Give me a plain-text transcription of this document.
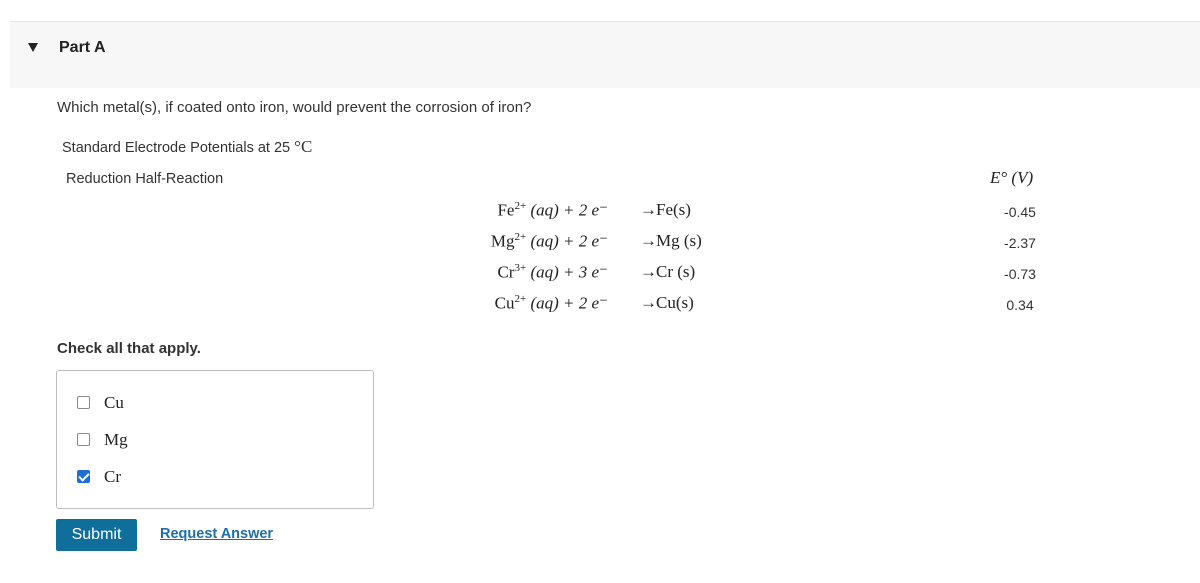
Part A
Which metal(s), if coated onto iron, would prevent the corrosion of iron?
Standard Electrode Potentials at 25 °C
Reduction Half-Reaction	E° (V)
$Fe^{2+}$ (aq) + 2 e⁻ → Fe(s)	-0.45
$Mg^{2+}$ (aq) + 2 e⁻ → Mg (s)	-2.37
$Cr^{3+}$ (aq) + 3 e⁻ → Cr (s)	-0.73
$Cu^{2+}$ (aq) + 2 e⁻ → Cu(s)	0.34
Check all that apply.
Cu
Mg
Cr
Submit	Request Answer
